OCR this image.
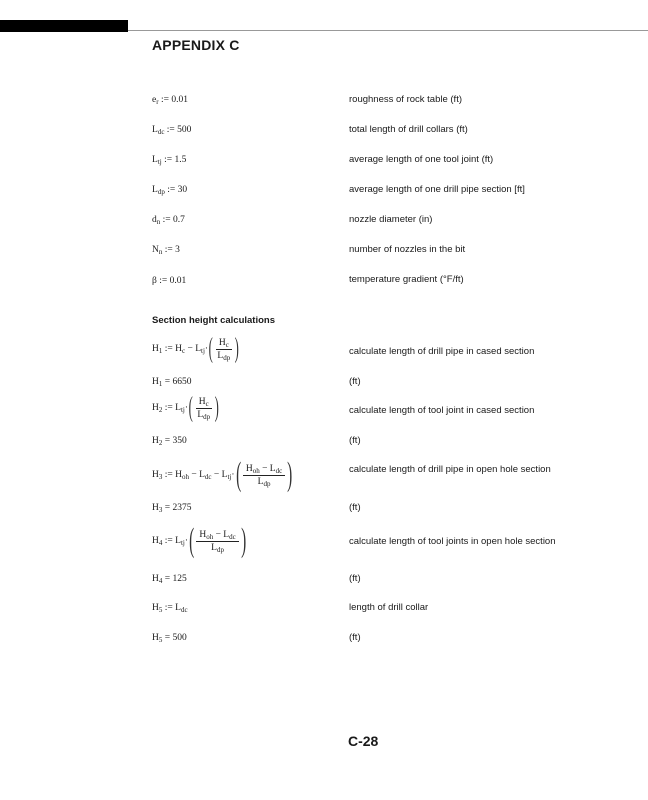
APPENDIX C
$e_r$ := 0.01	roughness of rock table (ft)
$L_{dc}$ := 500	total length of drill collars (ft)
$L_{tj}$ := 1.5	average length of one tool joint (ft)
$L_{dp}$ := 30	average length of one drill pipe section [ft]
$d_n$ := 0.7	nozzle diameter (in)
$N_n$ := 3	number of nozzles in the bit
β := 0.01	temperature gradient (°F/ft)
Section height calculations
$H_1$ := $H_c - L_{tj}\cdot$ ( $\frac{H_c}{L_{dp}}$ )	calculate length of drill pipe in cased section
$H_1 = 6650$	(ft)
$H_2$ := $L_{tj}\cdot$ ( $\frac{H_c}{L_{dp}}$ )	calculate length of tool joint in cased section
$H_2 = 350$	(ft)
$H_3$ := $H_{oh} - L_{dc} - L_{tj}\cdot$ ( $\frac{H_{oh} - L_{dc}}{L_{dp}}$ )	calculate length of drill pipe in open hole section
$H_3 = 2375$	(ft)
$H_4$ := $L_{tj}\cdot$ ( $\frac{H_{oh} - L_{dc}}{L_{dp}}$ )	calculate length of tool joints in open hole section
$H_4 = 125$	(ft)
$H_5$ := $L_{dc}$	length of drill collar
$H_5 = 500$	(ft)
C-28
